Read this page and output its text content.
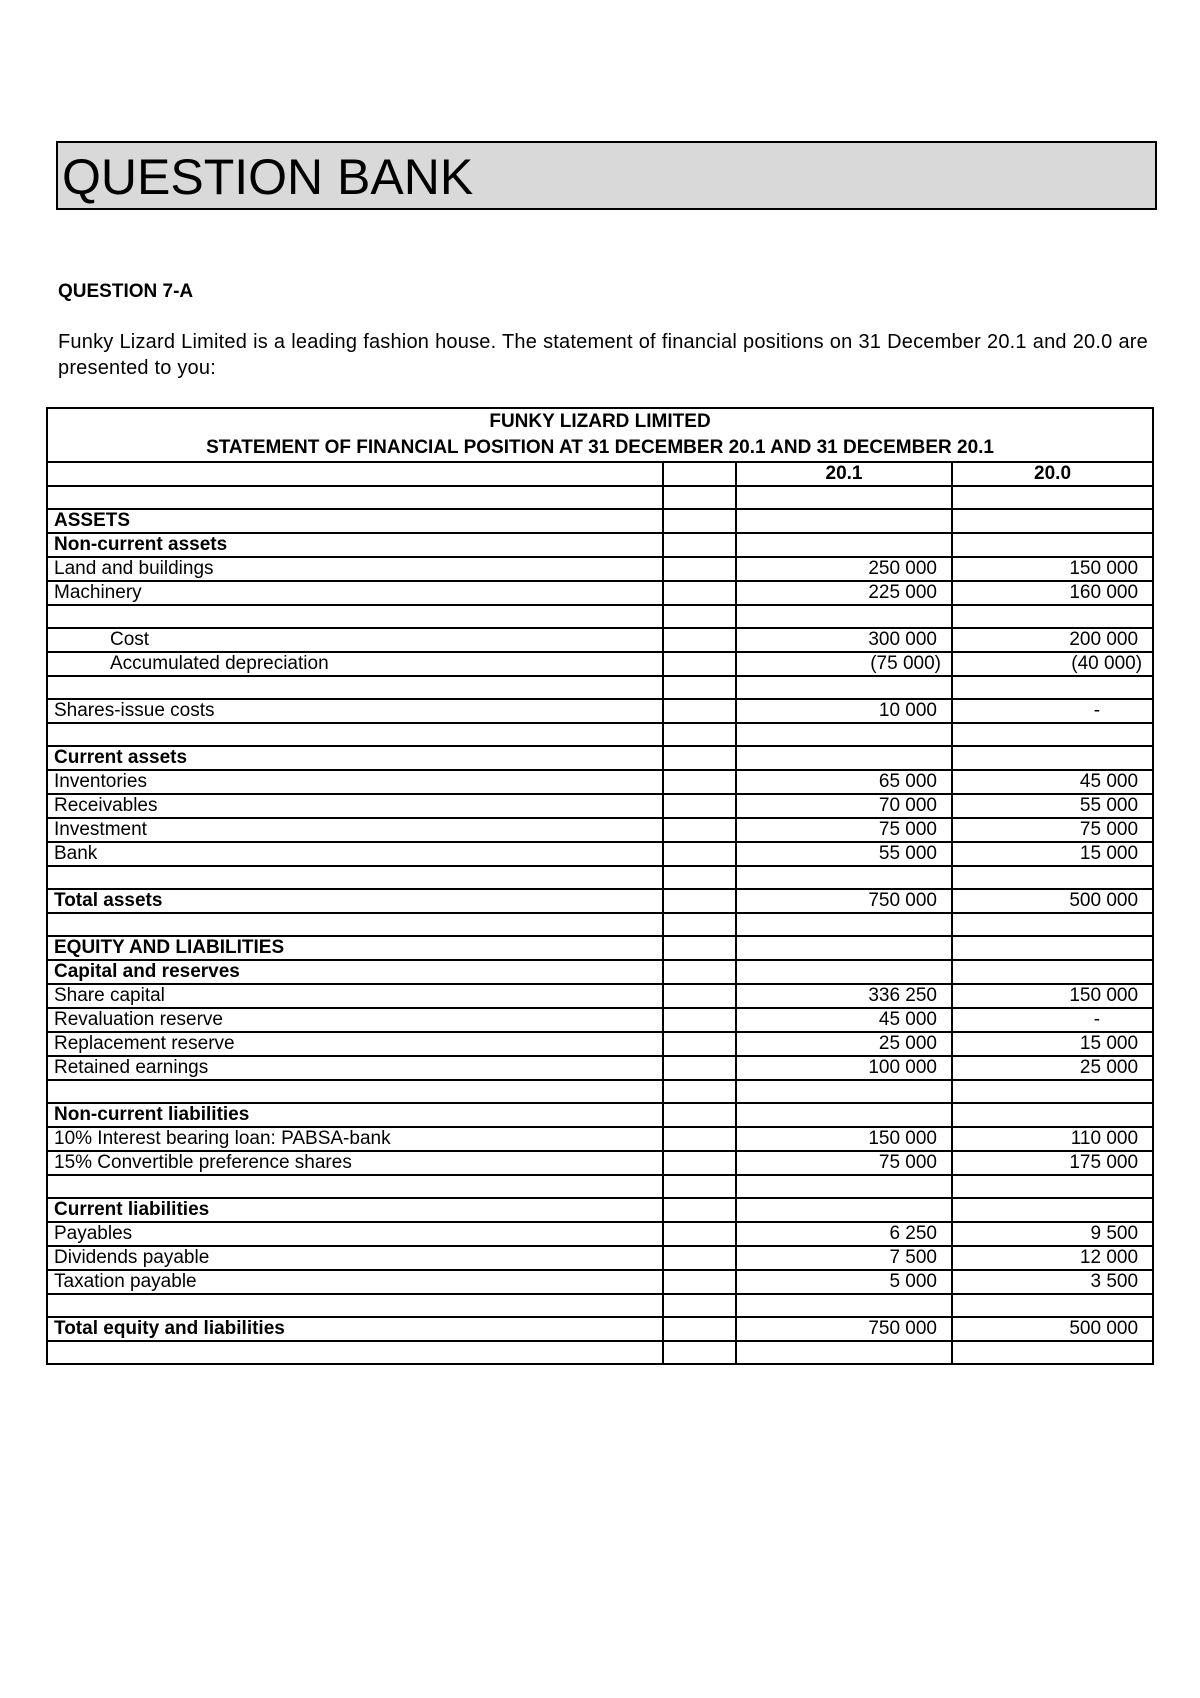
QUESTION BANK
QUESTION 7-A
Funky Lizard Limited is a leading fashion house. The statement of financial positions on 31 December 20.1 and 20.0 are presented to you:
FUNKY LIZARD LIMITED
STATEMENT OF FINANCIAL POSITION AT 31 DECEMBER 20.1 AND 31 DECEMBER 20.1			

		20.1	20.0

ASSETS			
Non-current assets			
Land and buildings		250 000	150 000
Machinery		225 000	160 000

Cost		300 000	200 000
Accumulated depreciation		(75 000)	(40 000)

Shares-issue costs		10 000	-

Current assets			
Inventories		65 000	45 000
Receivables		70 000	55 000
Investment		75 000	75 000
Bank		55 000	15 000

Total assets		750 000	500 000

EQUITY AND LIABILITIES			
Capital and reserves			
Share capital		336 250	150 000
Revaluation reserve		45 000	-
Replacement reserve		25 000	15 000
Retained earnings		100 000	25 000

Non-current liabilities			
10% Interest bearing loan: PABSA-bank		150 000	110 000
15% Convertible preference shares		75 000	175 000

Current liabilities			
Payables		6 250	9 500
Dividends payable		7 500	12 000
Taxation payable		5 000	3 500

Total equity and liabilities		750 000	500 000
